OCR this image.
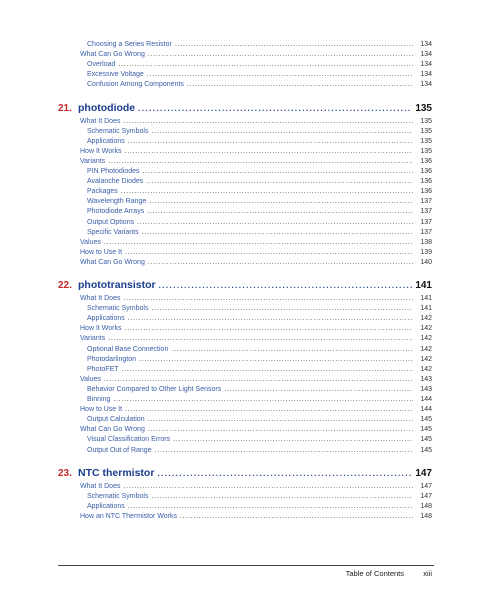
Choosing a Series Resistor . . .	134
What Can Go Wrong . . .	134
Overload . . .	134
Excessive Voltage . . .	134
Confusion Among Components . . .	134
21. photodiode . . .	135
What It Does . . .	135
Schematic Symbols . . .	135
Applications . . .	135
How It Works . . .	135
Variants . . .	136
PIN Photodiodes . . .	136
Avalanche Diodes . . .	136
Packages . . .	136
Wavelength Range . . .	137
Photodiode Arrays . . .	137
Output Options . . .	137
Specific Variants . . .	137
Values . . .	138
How to Use It . . .	139
What Can Go Wrong . . .	140
22. phototransistor . . .	141
What It Does . . .	141
Schematic Symbols . . .	141
Applications . . .	142
How It Works . . .	142
Variants . . .	142
Optional Base Connection . . .	142
Photodarlington . . .	142
PhotoFET . . .	142
Values . . .	143
Behavior Compared to Other Light Sensors . . .	143
Binning . . .	144
How to Use It . . .	144
Output Calculation . . .	145
What Can Go Wrong . . .	145
Visual Classification Errors . . .	145
Output Out of Range . . .	145
23. NTC thermistor . . .	147
What It Does . . .	147
Schematic Symbols . . .	147
Applications . . .	148
How an NTC Thermistor Works . . .	148
Table of Contents	xiii
